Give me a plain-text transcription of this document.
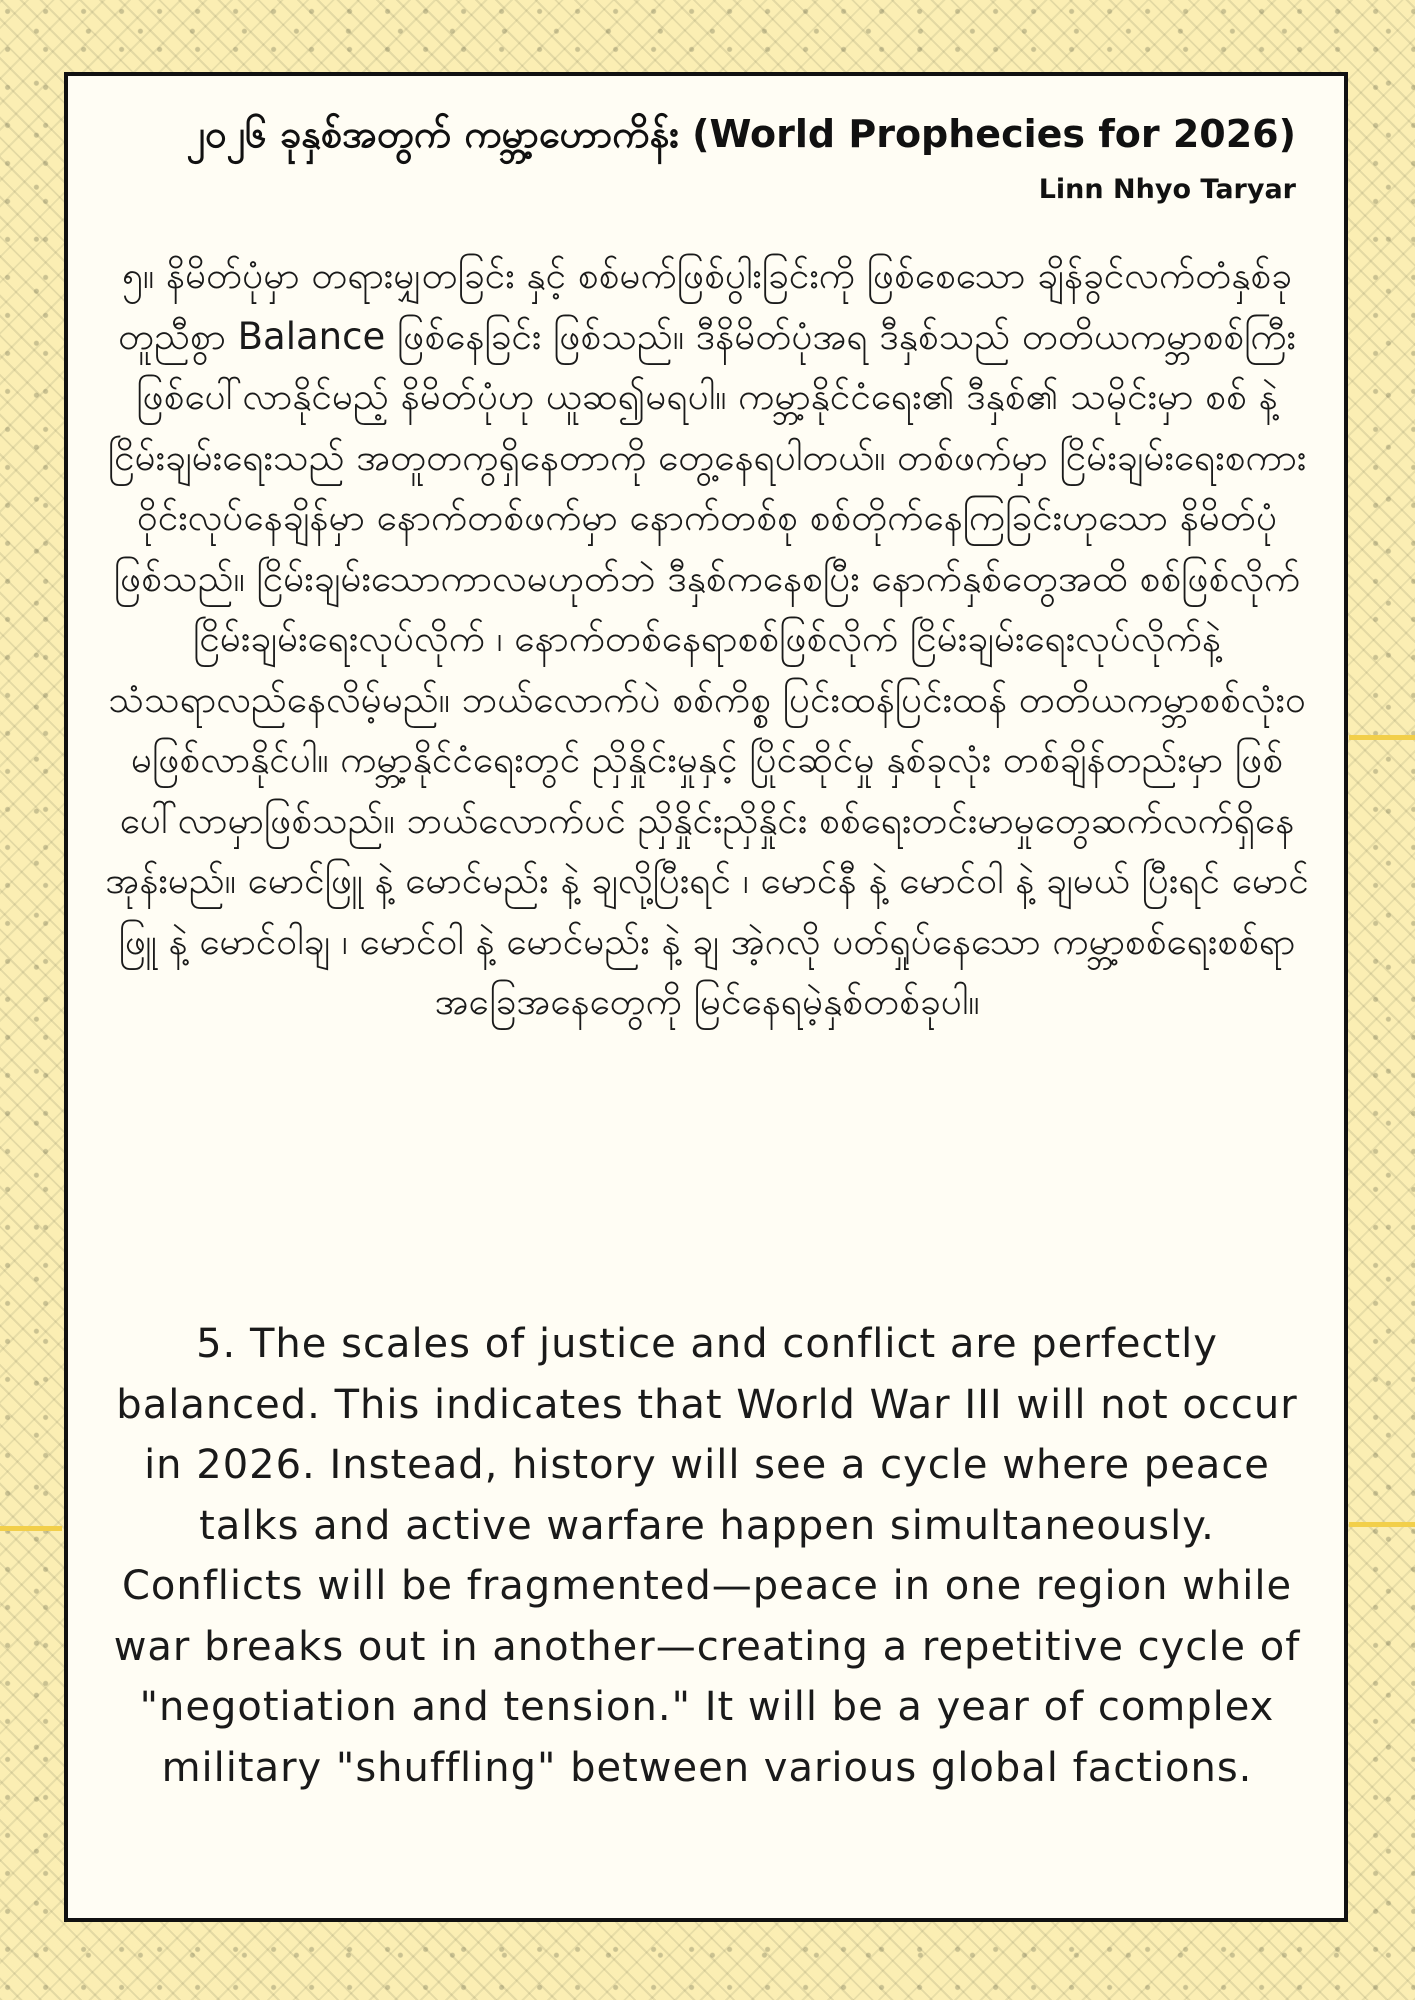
၂၀၂၆ ခုနှစ်အတွက် ကမ္ဘာ့ဟောကိန်း (World Prophecies for 2026)
Linn Nhyo Taryar
၅။ နိမိတ်ပုံမှာ တရားမျှတခြင်း နှင့် စစ်မက်ဖြစ်ပွါးခြင်းကို ဖြစ်စေသော ချိန်ခွင်လက်တံနှစ်ခု တူညီစွာ Balance ဖြစ်နေခြင်း ဖြစ်သည်။ ဒီနိမိတ်ပုံအရ ဒီနှစ်သည် တတိယကမ္ဘာစစ်ကြီး ဖြစ်ပေါ်လာနိုင်မည့် နိမိတ်ပုံဟု ယူဆ၍မရပါ။ ကမ္ဘာ့နိုင်ငံရေး၏ ဒီနှစ်၏ သမိုင်းမှာ စစ် နဲ့ ငြိမ်းချမ်းရေးသည် အတူတကွရှိနေတာကို တွေ့နေရပါတယ်။ တစ်ဖက်မှာ ငြိမ်းချမ်းရေးစကားဝိုင်းလုပ်နေချိန်မှာ နောက်တစ်ဖက်မှာ နောက်တစ်စု စစ်တိုက်နေကြခြင်းဟုသော နိမိတ်ပုံဖြစ်သည်။ ငြိမ်းချမ်းသောကာလမဟုတ်ဘဲ ဒီနှစ်ကနေစပြီး နောက်နှစ်တွေအထိ စစ်ဖြစ်လိုက် ငြိမ်းချမ်းရေးလုပ်လိုက် ၊ နောက်တစ်နေရာစစ်ဖြစ်လိုက် ငြိမ်းချမ်းရေးလုပ်လိုက်နဲ့ သံသရာလည်နေလိမ့်မည်။ ဘယ်လောက်ပဲ စစ်ကိစ္စ ပြင်းထန်ပြင်းထန် တတိယကမ္ဘာစစ်လုံးဝမဖြစ်လာနိုင်ပါ။ ကမ္ဘာ့နိုင်ငံရေးတွင် ညှိနှိုင်းမှုနှင့် ပြိုင်ဆိုင်မှု နှစ်ခုလုံး တစ်ချိန်တည်းမှာ ဖြစ်ပေါ်လာမှာဖြစ်သည်။ ဘယ်လောက်ပင် ညှိနှိုင်းညှိနှိုင်း စစ်ရေးတင်းမာမှုတွေဆက်လက်ရှိနေအုန်းမည်။ မောင်ဖြူ နဲ့ မောင်မည်း နဲ့ ချလို့ပြီးရင် ၊ မောင်နီ နဲ့ မောင်ဝါ နဲ့ ချမယ် ပြီးရင် မောင်ဖြူ နဲ့ မောင်ဝါချ ၊ မောင်ဝါ နဲ့ မောင်မည်း နဲ့ ချ အဲ့ဂလို ပတ်ရှုပ်နေသော ကမ္ဘာ့စစ်ရေးစစ်ရာအခြေအနေတွေကို မြင်နေရမဲ့နှစ်တစ်ခုပါ။
5. The scales of justice and conflict are perfectly balanced. This indicates that World War III will not occur in 2026. Instead, history will see a cycle where peace talks and active warfare happen simultaneously. Conflicts will be fragmented—peace in one region while war breaks out in another—creating a repetitive cycle of "negotiation and tension." It will be a year of complex military "shuffling" between various global factions.
